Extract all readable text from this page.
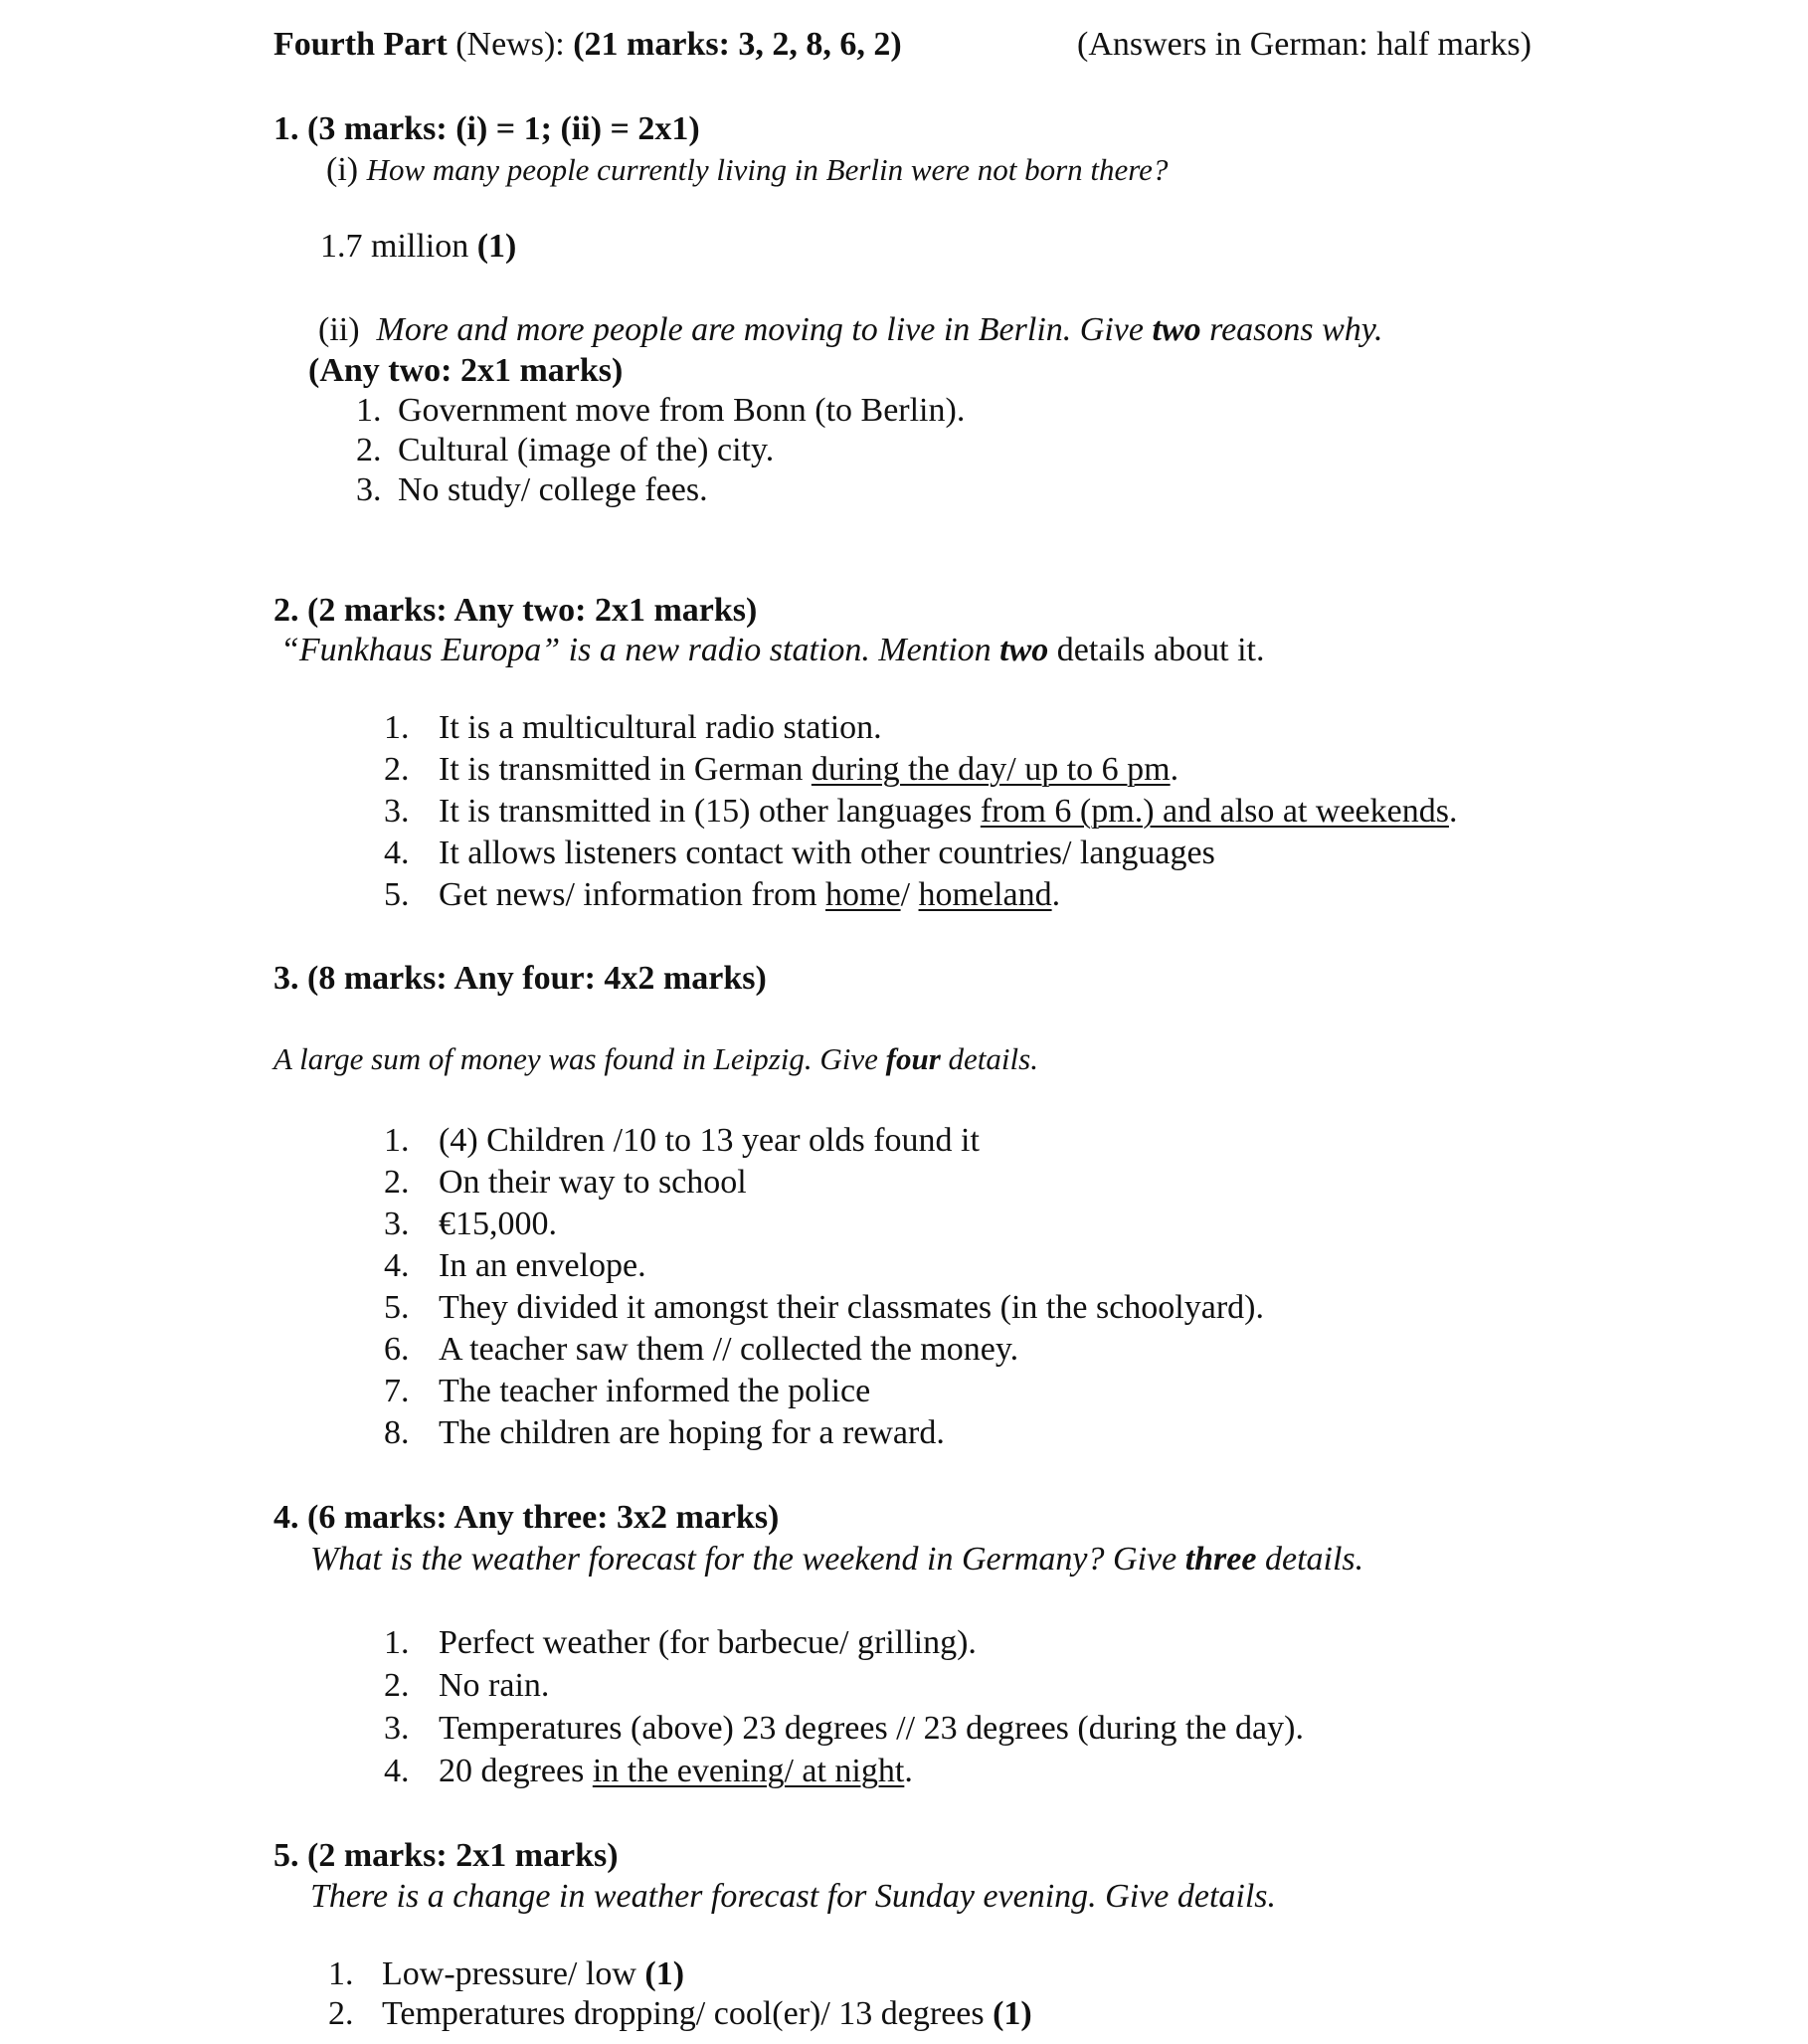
Fourth Part (News): (21 marks: 3, 2, 8, 6, 2)	(Answers in German: half marks)
1. (3 marks: (i) = 1; (ii) = 2x1)
(i) How many people currently living in Berlin were not born there?
1.7 million (1)
(ii) More and more people are moving to live in Berlin. Give two reasons why.
(Any two: 2x1 marks)
1. Government move from Bonn (to Berlin).
2. Cultural (image of the) city.
3. No study/ college fees.
2. (2 marks: Any two: 2x1 marks)
“Funkhaus Europa” is a new radio station. Mention two details about it.
1. It is a multicultural radio station.
2. It is transmitted in German during the day/ up to 6 pm.
3. It is transmitted in (15) other languages from 6 (pm.) and also at weekends.
4. It allows listeners contact with other countries/ languages
5. Get news/ information from home/ homeland.
3. (8 marks: Any four: 4x2 marks)
A large sum of money was found in Leipzig. Give four details.
1. (4) Children /10 to 13 year olds found it
2. On their way to school
3. €15,000.
4. In an envelope.
5. They divided it amongst their classmates (in the schoolyard).
6. A teacher saw them // collected the money.
7. The teacher informed the police
8. The children are hoping for a reward.
4. (6 marks: Any three: 3x2 marks)
What is the weather forecast for the weekend in Germany? Give three details.
1. Perfect weather (for barbecue/ grilling).
2. No rain.
3. Temperatures (above) 23 degrees // 23 degrees (during the day).
4. 20 degrees in the evening/ at night.
5. (2 marks: 2x1 marks)
There is a change in weather forecast for Sunday evening. Give details.
1. Low-pressure/ low (1)
2. Temperatures dropping/ cool(er)/ 13 degrees (1)
